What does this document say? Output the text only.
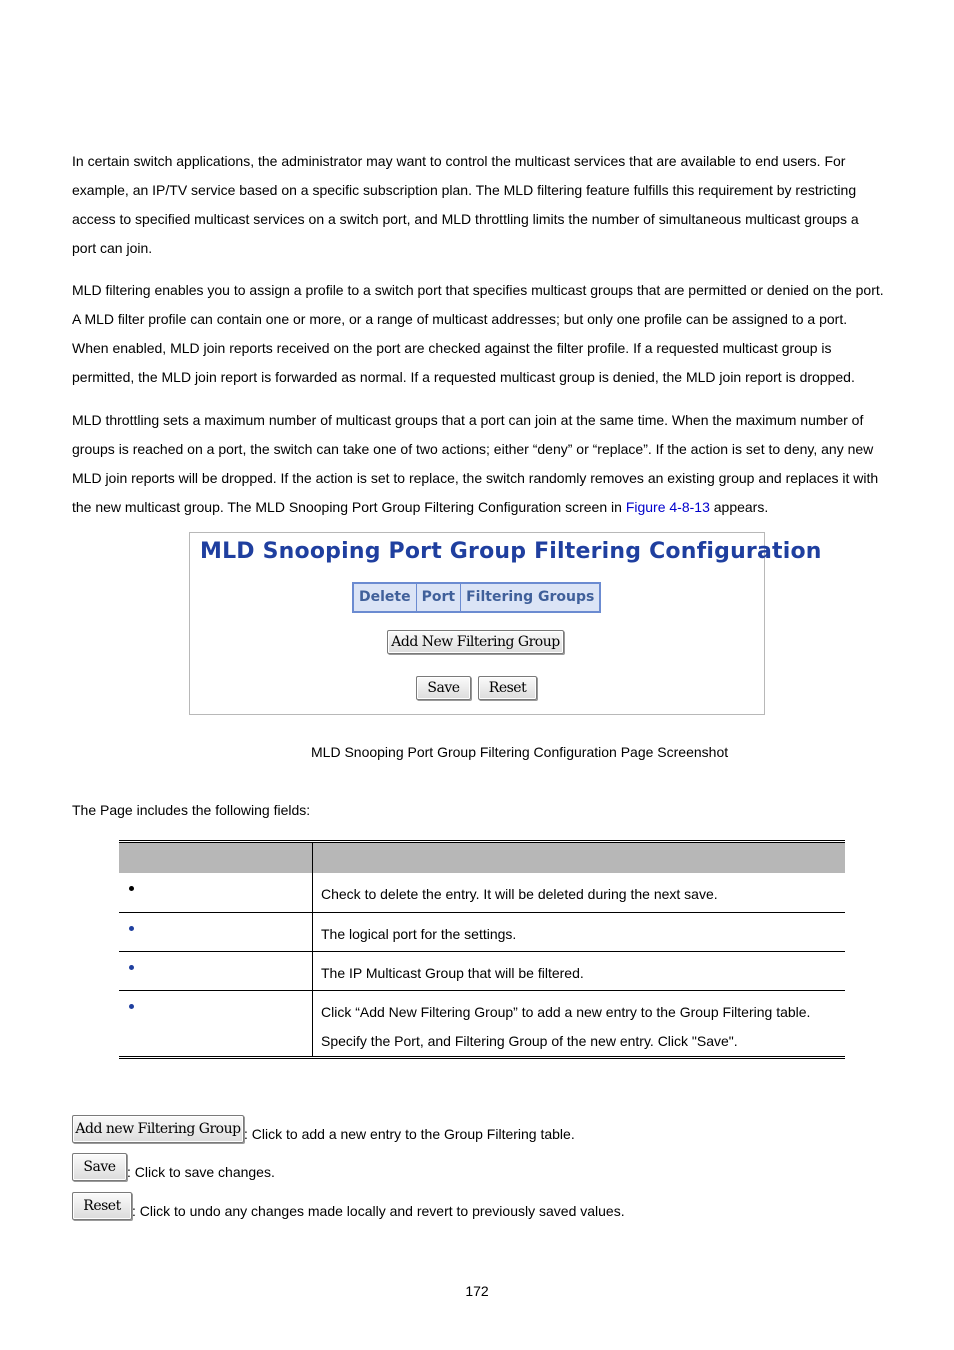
In certain switch applications, the administrator may want to control the multicast services that are available to end users. For example, an IP/TV service based on a specific subscription plan. The MLD filtering feature fulfills this requirement by restricting access to specified multicast services on a switch port, and MLD throttling limits the number of simultaneous multicast groups a port can join.

MLD filtering enables you to assign a profile to a switch port that specifies multicast groups that are permitted or denied on the port. A MLD filter profile can contain one or more, or a range of multicast addresses; but only one profile can be assigned to a port. When enabled, MLD join reports received on the port are checked against the filter profile. If a requested multicast group is permitted, the MLD join report is forwarded as normal. If a requested multicast group is denied, the MLD join report is dropped.

MLD throttling sets a maximum number of multicast groups that a port can join at the same time. When the maximum number of groups is reached on a port, the switch can take one of two actions; either “deny” or “replace”. If the action is set to deny, any new MLD join reports will be dropped. If the action is set to replace, the switch randomly removes an existing group and replaces it with the new multicast group. The MLD Snooping Port Group Filtering Configuration screen in Figure 4-8-13 appears.

MLD Snooping Port Group Filtering Configuration
Delete Port Filtering Groups
Add New Filtering Group
Save	Reset
MLD Snooping Port Group Filtering Configuration Page Screenshot
The Page includes the following fields:

	Check to delete the entry. It will be deleted during the next save.

	The logical port for the settings.

	The IP Multicast Group that will be filtered.

	Click “Add New Filtering Group” to add a new entry to the Group Filtering table.
Specify the Port, and Filtering Group of the new entry. Click "Save".
Add new Filtering Group : Click to add a new entry to the Group Filtering table.
Save : Click to save changes.
Reset : Click to undo any changes made locally and revert to previously saved values.
172
